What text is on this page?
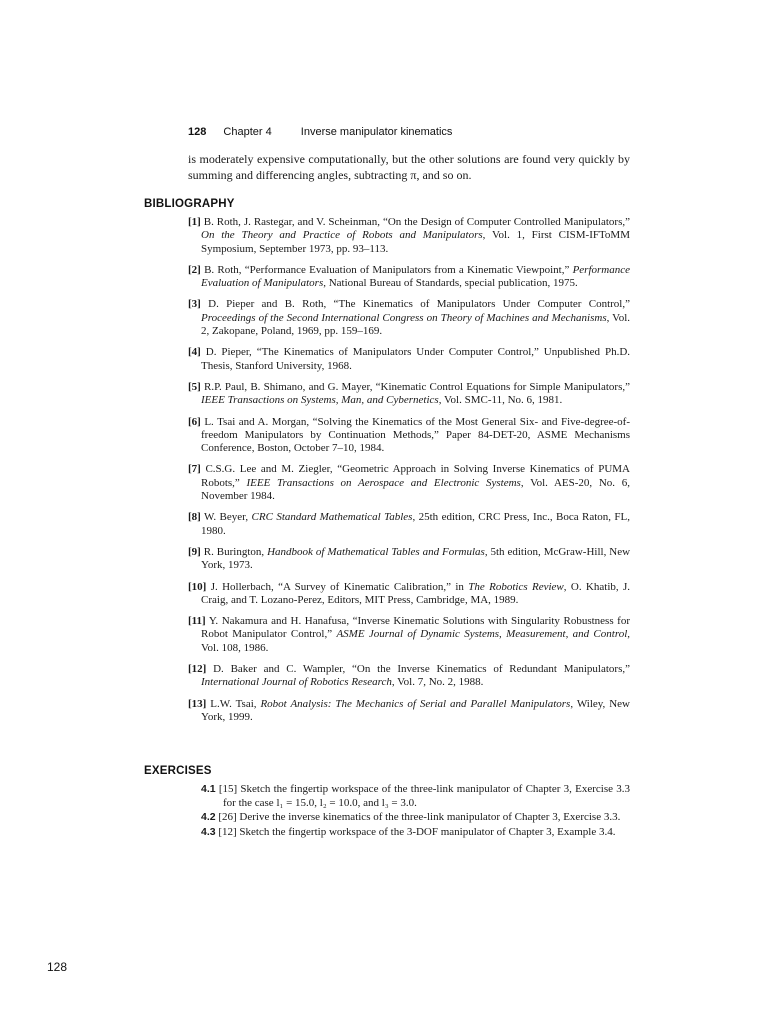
128 Chapter 4	Inverse manipulator kinematics
is moderately expensive computationally, but the other solutions are found very quickly by summing and differencing angles, subtracting π, and so on.
BIBLIOGRAPHY
[1] B. Roth, J. Rastegar, and V. Scheinman, “On the Design of Computer Controlled Manipulators,” On the Theory and Practice of Robots and Manipulators, Vol. 1, First CISM-IFToMM Symposium, September 1973, pp. 93–113.
[2] B. Roth, “Performance Evaluation of Manipulators from a Kinematic Viewpoint,” Performance Evaluation of Manipulators, National Bureau of Standards, special publication, 1975.
[3] D. Pieper and B. Roth, “The Kinematics of Manipulators Under Computer Control,” Proceedings of the Second International Congress on Theory of Machines and Mechanisms, Vol. 2, Zakopane, Poland, 1969, pp. 159–169.
[4] D. Pieper, “The Kinematics of Manipulators Under Computer Control,” Unpublished Ph.D. Thesis, Stanford University, 1968.
[5] R.P. Paul, B. Shimano, and G. Mayer, “Kinematic Control Equations for Simple Manipulators,” IEEE Transactions on Systems, Man, and Cybernetics, Vol. SMC-11, No. 6, 1981.
[6] L. Tsai and A. Morgan, “Solving the Kinematics of the Most General Six- and Five-degree-of-freedom Manipulators by Continuation Methods,” Paper 84-DET-20, ASME Mechanisms Conference, Boston, October 7–10, 1984.
[7] C.S.G. Lee and M. Ziegler, “Geometric Approach in Solving Inverse Kinematics of PUMA Robots,” IEEE Transactions on Aerospace and Electronic Systems, Vol. AES-20, No. 6, November 1984.
[8] W. Beyer, CRC Standard Mathematical Tables, 25th edition, CRC Press, Inc., Boca Raton, FL, 1980.
[9] R. Burington, Handbook of Mathematical Tables and Formulas, 5th edition, McGraw-Hill, New York, 1973.
[10] J. Hollerbach, “A Survey of Kinematic Calibration,” in The Robotics Review, O. Khatib, J. Craig, and T. Lozano-Perez, Editors, MIT Press, Cambridge, MA, 1989.
[11] Y. Nakamura and H. Hanafusa, “Inverse Kinematic Solutions with Singularity Robustness for Robot Manipulator Control,” ASME Journal of Dynamic Systems, Measurement, and Control, Vol. 108, 1986.
[12] D. Baker and C. Wampler, “On the Inverse Kinematics of Redundant Manipulators,” International Journal of Robotics Research, Vol. 7, No. 2, 1988.
[13] L.W. Tsai, Robot Analysis: The Mechanics of Serial and Parallel Manipulators, Wiley, New York, 1999.
EXERCISES
4.1 [15] Sketch the fingertip workspace of the three-link manipulator of Chapter 3, Exercise 3.3 for the case l₁ = 15.0, l₂ = 10.0, and l₃ = 3.0.
4.2 [26] Derive the inverse kinematics of the three-link manipulator of Chapter 3, Exercise 3.3.
4.3 [12] Sketch the fingertip workspace of the 3-DOF manipulator of Chapter 3, Example 3.4.
128
